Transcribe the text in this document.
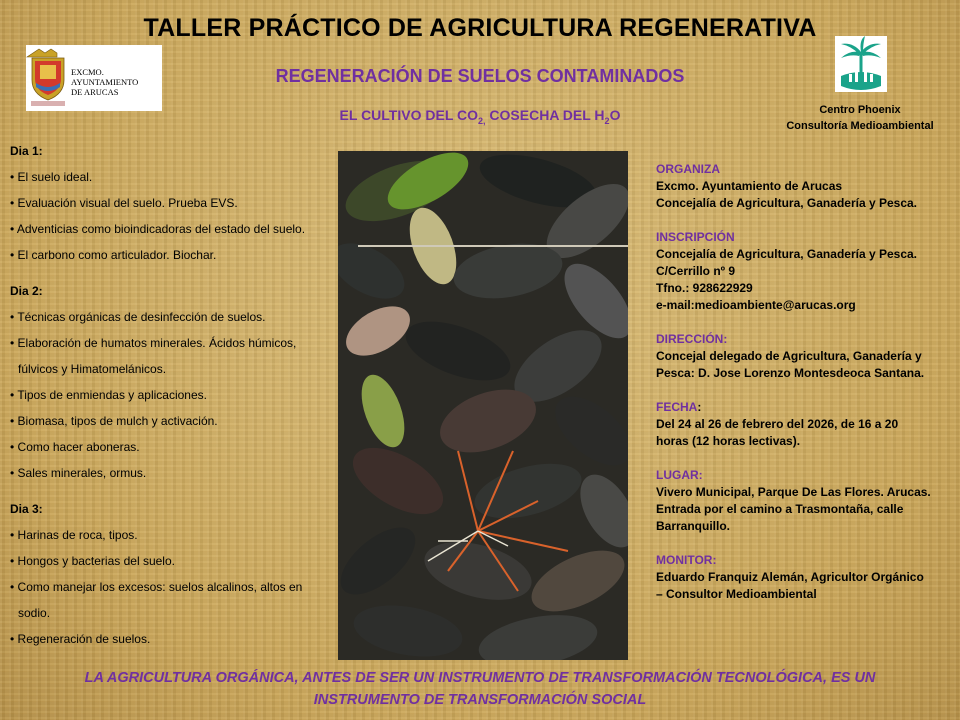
TALLER PRÁCTICO DE AGRICULTURA REGENERATIVA
EXCMO.
AYUNTAMIENTO
DE ARUCAS
REGENERACIÓN DE SUELOS CONTAMINADOS
EL CULTIVO DEL $CO_{2,}$ COSECHA DEL $H_2O$	Centro Phoenix
Consultoría Medioambiental
Dia 1:
• El suelo ideal.
• Evaluación visual del suelo. Prueba EVS.
• Adventicias como bioindicadoras del estado del suelo.
• El carbono como articulador. Biochar.
Dia 2:
• Técnicas orgánicas de desinfección de suelos.
• Elaboración de humatos minerales. Ácidos húmicos,
fúlvicos y Himatomelánicos.
• Tipos de enmiendas y aplicaciones.
• Biomasa, tipos de mulch y activación.
• Como hacer aboneras.
• Sales minerales, ormus.
Dia 3:
• Harinas de roca, tipos.
• Hongos y bacterias del suelo.
• Como manejar los excesos: suelos alcalinos, altos en
sodio.
• Regeneración de suelos.
ORGANIZA
Excmo. Ayuntamiento de Arucas
Concejalía de Agricultura, Ganadería y Pesca.
INSCRIPCIÓN
Concejalía de Agricultura, Ganadería y Pesca.
C/Cerrillo nº 9
Tfno.: 928622929
e-mail:medioambiente@arucas.org
DIRECCIÓN:
Concejal delegado de Agricultura, Ganadería y
Pesca: D. Jose Lorenzo Montesdeoca Santana.
FECHA:
Del 24 al 26 de febrero del 2026, de 16 a 20
horas (12 horas lectivas).
LUGAR:
Vivero Municipal, Parque De Las Flores. Arucas.
Entrada por el camino a Trasmontaña, calle
Barranquillo.
MONITOR:
Eduardo Franquiz Alemán, Agricultor Orgánico
– Consultor Medioambiental
LA AGRICULTURA ORGÁNICA, ANTES DE SER UN INSTRUMENTO DE TRANSFORMACIÓN TECNOLÓGICA, ES UN
INSTRUMENTO DE TRANSFORMACIÓN SOCIAL
